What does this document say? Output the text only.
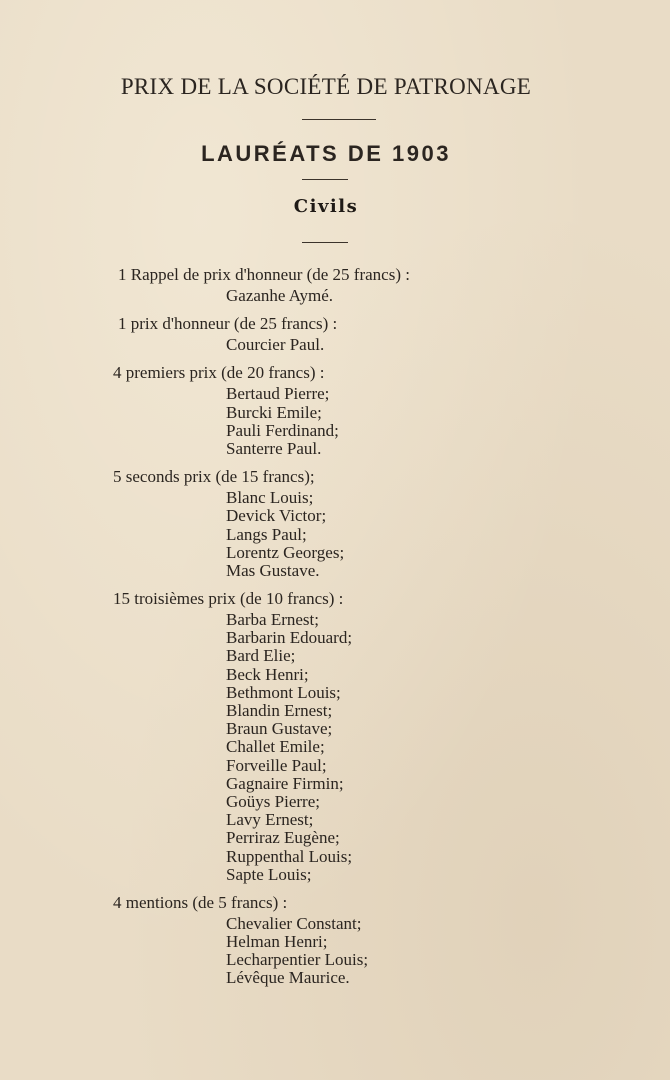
PRIX DE LA SOCIÉTÉ DE PATRONAGE
LAURÉATS DE 1903
Civils
1 Rappel de prix d'honneur (de 25 francs) :
Gazanhe Aymé.
1 prix d'honneur (de 25 francs) :
Courcier Paul.
4 premiers prix (de 20 francs) :
Bertaud Pierre;
Burcki Emile;
Pauli Ferdinand;
Santerre Paul.
5 seconds prix (de 15 francs);
Blanc Louis;
Devick Victor;
Langs Paul;
Lorentz Georges;
Mas Gustave.
15 troisièmes prix (de 10 francs) :
Barba Ernest;
Barbarin Edouard;
Bard Elie;
Beck Henri;
Bethmont Louis;
Blandin Ernest;
Braun Gustave;
Challet Emile;
Forveille Paul;
Gagnaire Firmin;
Goüys Pierre;
Lavy Ernest;
Perriraz Eugène;
Ruppenthal Louis;
Sapte Louis;
4 mentions (de 5 francs) :
Chevalier Constant;
Helman Henri;
Lecharpentier Louis;
Lévêque Maurice.
